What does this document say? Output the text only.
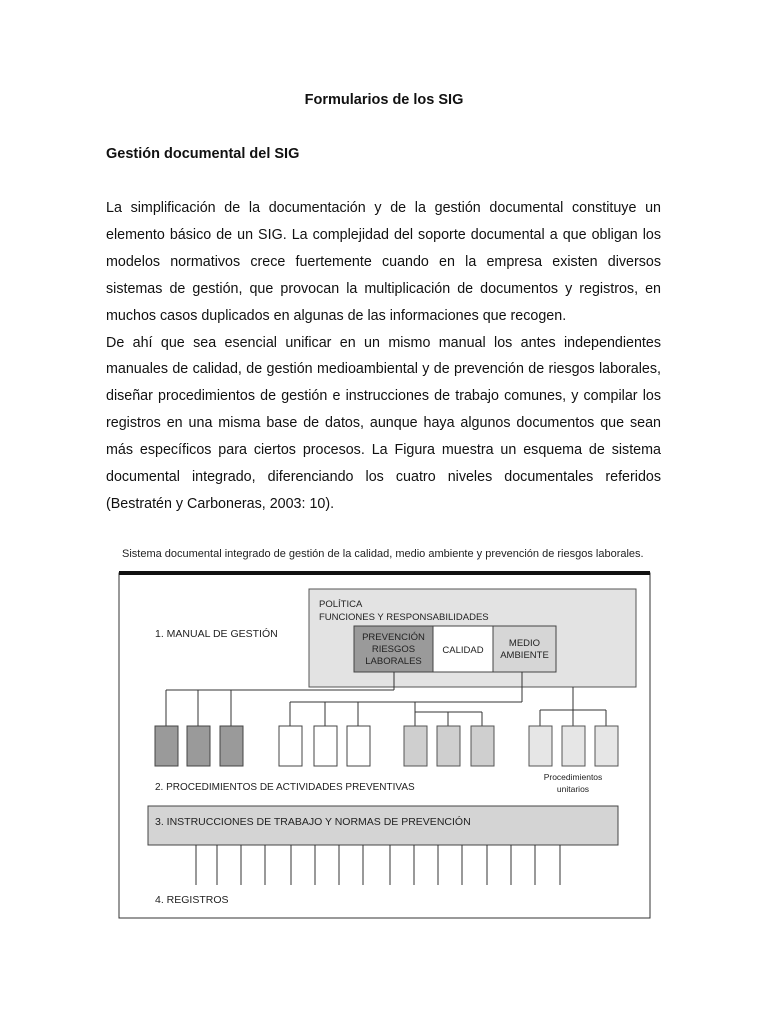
Formularios de los SIG
Gestión documental del SIG

La simplificación de la documentación y de la gestión documental constituye un elemento básico de un SIG. La complejidad del soporte documental a que obligan los modelos normativos crece fuertemente cuando en la empresa existen diversos sistemas de gestión, que provocan la multiplicación de documentos y registros, en muchos casos duplicados en algunas de las informaciones que recogen.

De ahí que sea esencial unificar en un mismo manual los antes independientes manuales de calidad, de gestión medioambiental y de prevención de riesgos laborales, diseñar procedimientos de gestión e instrucciones de trabajo comunes, y compilar los registros en una misma base de datos, aunque haya algunos documentos que sean más específicos para ciertos procesos. La Figura muestra un esquema de sistema documental integrado, diferenciando los cuatro niveles documentales referidos (Bestratén y Carboneras, 2003: 10).

Sistema documental integrado de gestión de la calidad, medio ambiente y prevención de riesgos laborales.
1. MANUAL DE GESTIÓN
POLÍTICA
FUNCIONES Y RESPONSABILIDADES
PREVENCIÓN
RIESGOS
LABORALES
CALIDAD
MEDIO
AMBIENTE
2. PROCEDIMIENTOS DE ACTIVIDADES PREVENTIVAS
Procedimientos
unitarios
3. INSTRUCCIONES DE TRABAJO Y NORMAS DE PREVENCIÓN
4. REGISTROS
